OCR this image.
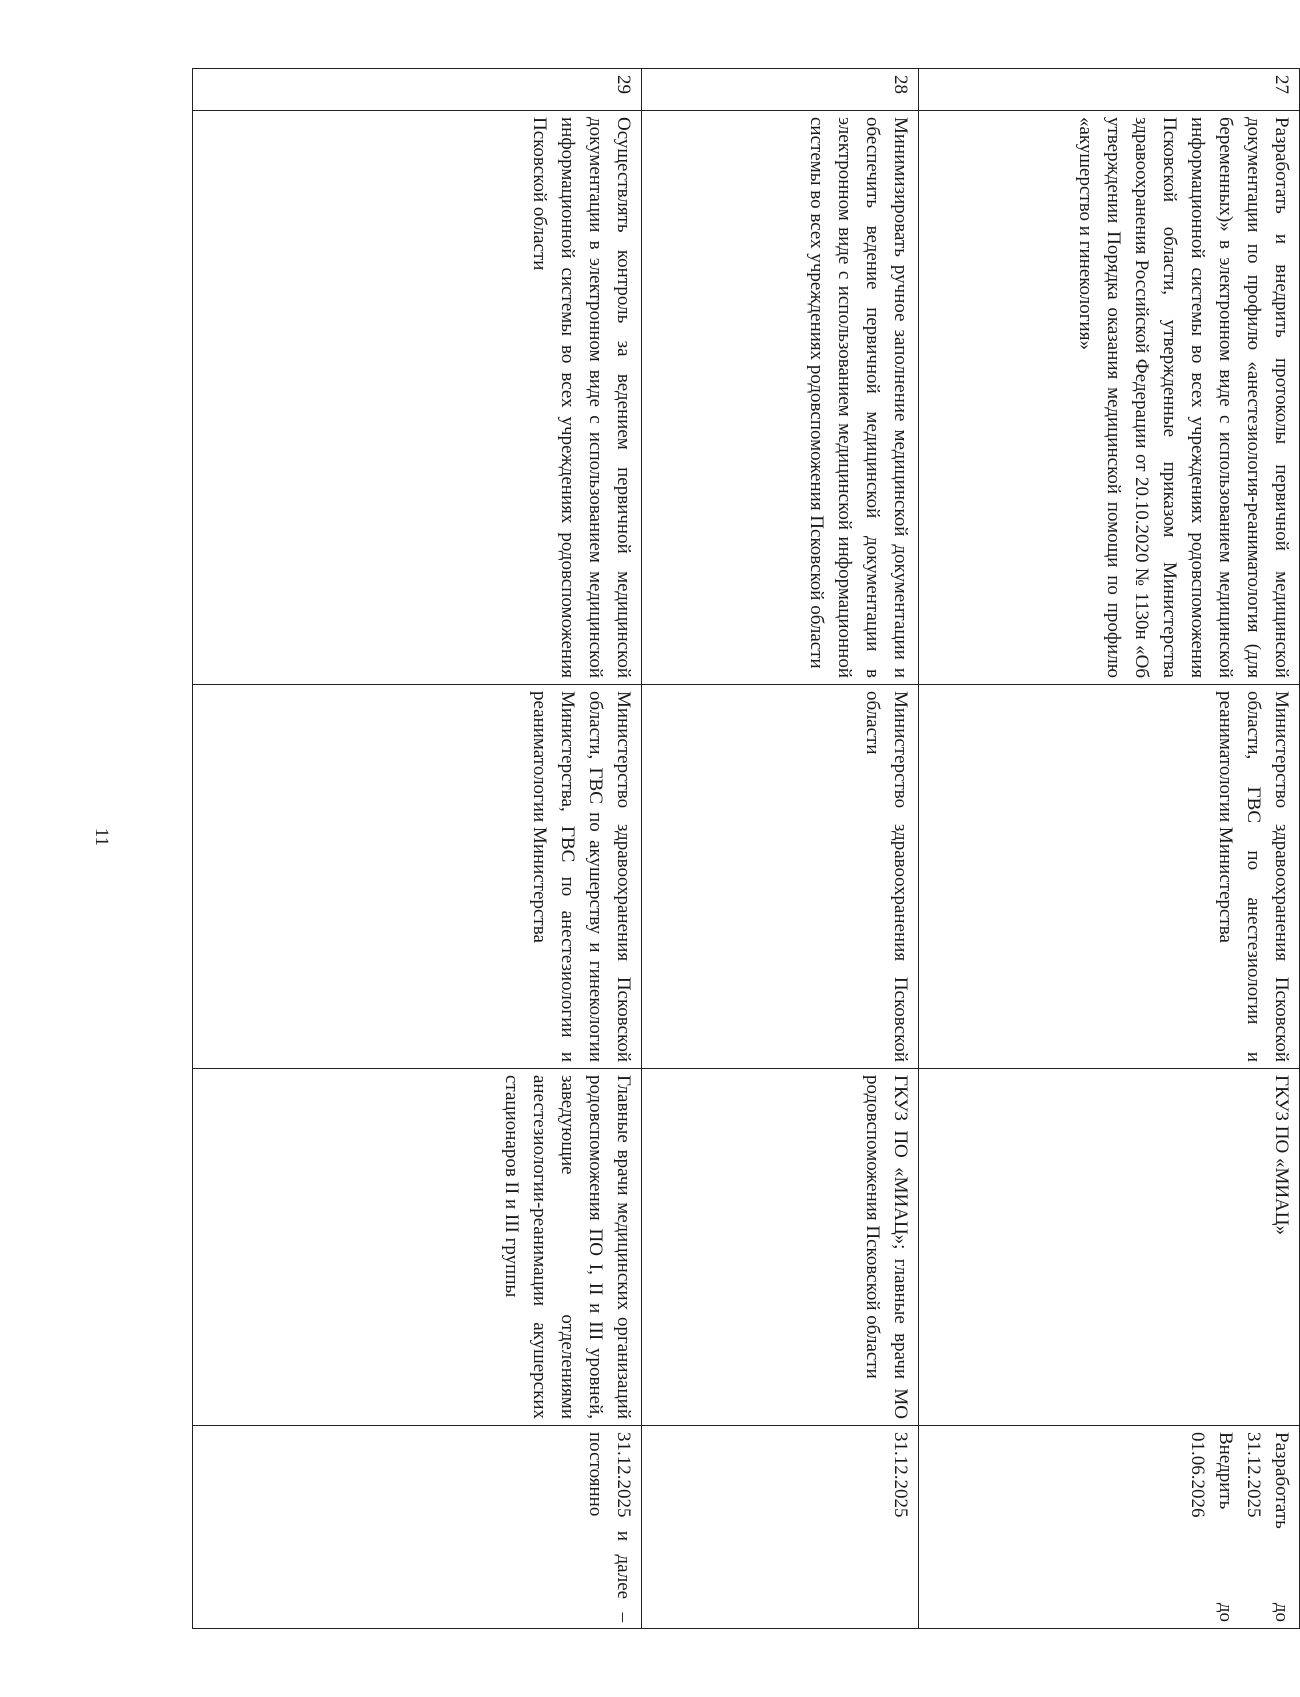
11
27	Разработать и внедрить протоколы первичной медицинской документации по профилю «анестезиология-реаниматология (для беременных)» в электронном виде с использованием медицинской информационной системы во всех учреждениях родовспоможения Псковской области, утвержденные приказом Министерства здравоохранения Российской Федерации от 20.10.2020 № 1130н «Об утверждении Порядка оказания медицинской помощи по профилю «акушерство и гинекология»	Министерство здравоохранения Псковской области, ГВС по анестезиологии и реаниматологии Министерства	ГКУЗ ПО «МИАЦ»	Разработать до 31.12.2025
Внедрить до 01.06.2026

28	Минимизировать ручное заполнение медицинской документации и обеспечить ведение первичной медицинской документации в электронном виде с использованием медицинской информационной системы во всех учреждениях родовспоможения Псковской области	Министерство здравоохранения Псковской области	ГКУЗ ПО «МИАЦ»; главные врачи МО родовспоможения Псковской области	31.12.2025

29	Осуществлять контроль за ведением первичной медицинской документации в электронном виде с использованием медицинской информационной системы во всех учреждениях родовспоможения Псковской области	Министерство здравоохранения Псковской области, ГВС по акушерству и гинекологии Министерства, ГВС по анестезиологии и реаниматологии Министерства	Главные врачи медицинских организаций родовспоможения ПО I, II и III уровней, заведующие отделениями анестезиологии-реанимации акушерских стационаров II и III группы	31.12.2025 и далее – постоянно
